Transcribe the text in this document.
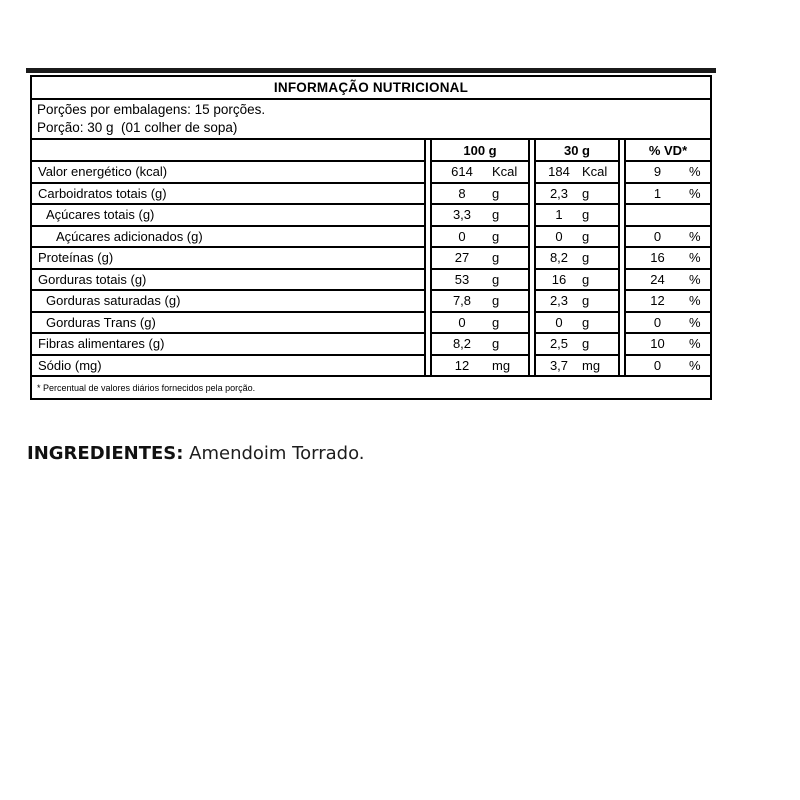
INFORMAÇÃO NUTRICIONAL
Porções por embalagens: 15 porções.
Porção: 30 g  (01 colher de sopa)
100 g	30 g	% VD*
Valor energético (kcal)	614	Kcal	184 Kcal	9	%
Carboidratos totais (g)	8	g	2,3	g	1	%
Açúcares totais (g)	3,3	g	1	g
Açúcares adicionados (g)	0	g	0	g	0	%
Proteínas (g)	27	g	8,2	g	16	%
Gorduras totais (g)	53	g	16	g	24	%
Gorduras saturadas (g)	7,8	g	2,3	g	12	%
Gorduras Trans (g)	0	g	0	g	0	%
Fibras alimentares (g)	8,2	g	2,5	g	10	%
Sódio (mg)	12	mg	3,7	mg	0	%
* Percentual de valores diários fornecidos pela porção.
INGREDIENTES: Amendoim Torrado.
